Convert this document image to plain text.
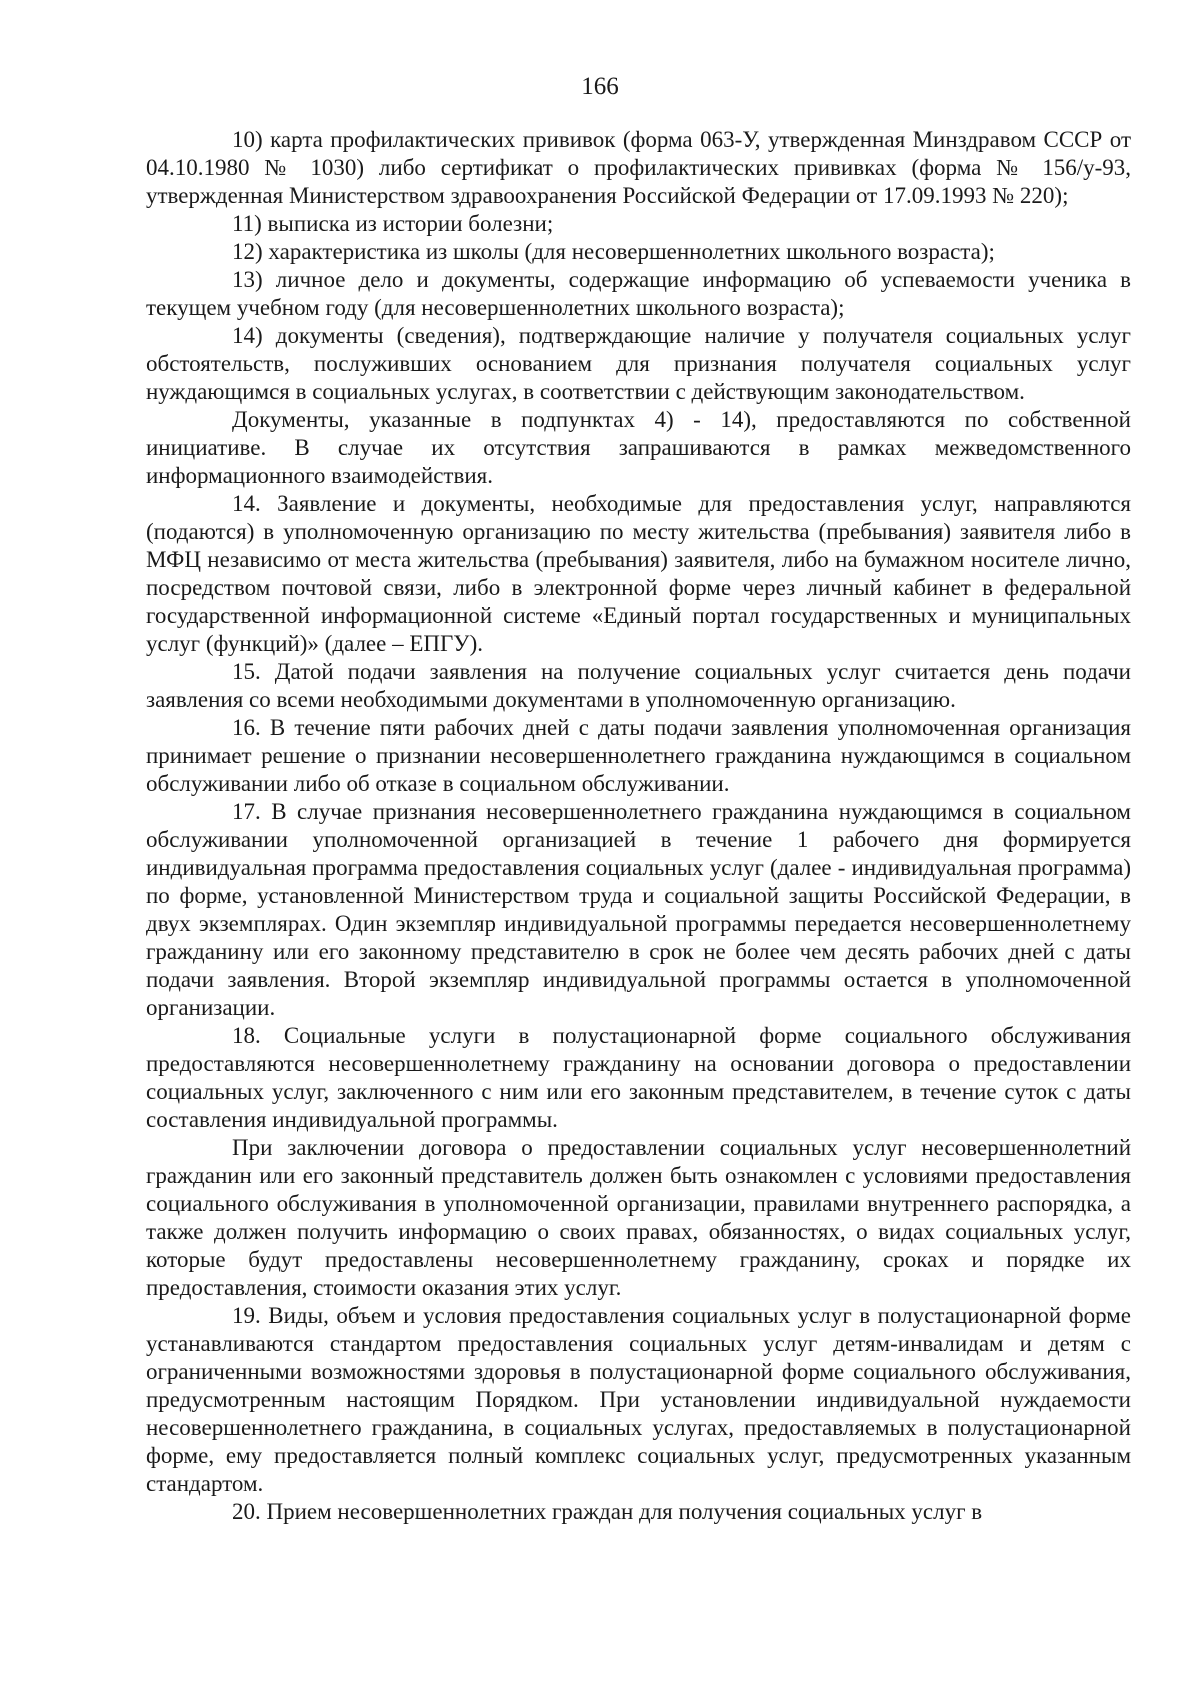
166

10) карта профилактических прививок (форма 063-У, утвержденная Минздравом СССР от 04.10.1980 № 1030) либо сертификат о профилактических прививках (форма № 156/у-93, утвержденная Министерством здравоохранения Российской Федерации от 17.09.1993 № 220);

11) выписка из истории болезни;

12) характеристика из школы (для несовершеннолетних школьного возраста);

13) личное дело и документы, содержащие информацию об успеваемости ученика в текущем учебном году (для несовершеннолетних школьного возраста);

14) документы (сведения), подтверждающие наличие у получателя социальных услуг обстоятельств, послуживших основанием для признания получателя социальных услуг нуждающимся в социальных услугах, в соответствии с действующим законодательством.

Документы, указанные в подпунктах 4) - 14), предоставляются по собственной инициативе. В случае их отсутствия запрашиваются в рамках межведомственного информационного взаимодействия.

14. Заявление и документы, необходимые для предоставления услуг, направляются (подаются) в уполномоченную организацию по месту жительства (пребывания) заявителя либо в МФЦ независимо от места жительства (пребывания) заявителя, либо на бумажном носителе лично, посредством почтовой связи, либо в электронной форме через личный кабинет в федеральной государственной информационной системе «Единый портал государственных и муниципальных услуг (функций)» (далее – ЕПГУ).

15. Датой подачи заявления на получение социальных услуг считается день подачи заявления со всеми необходимыми документами в уполномоченную организацию.

16. В течение пяти рабочих дней с даты подачи заявления уполномоченная организация принимает решение о признании несовершеннолетнего гражданина нуждающимся в социальном обслуживании либо об отказе в социальном обслуживании.

17. В случае признания несовершеннолетнего гражданина нуждающимся в социальном обслуживании уполномоченной организацией в течение 1 рабочего дня формируется индивидуальная программа предоставления социальных услуг (далее - индивидуальная программа) по форме, установленной Министерством труда и социальной защиты Российской Федерации, в двух экземплярах. Один экземпляр индивидуальной программы передается несовершеннолетнему гражданину или его законному представителю в срок не более чем десять рабочих дней с даты подачи заявления. Второй экземпляр индивидуальной программы остается в уполномоченной организации.

18. Социальные услуги в полустационарной форме социального обслуживания предоставляются несовершеннолетнему гражданину на основании договора о предоставлении социальных услуг, заключенного с ним или его законным представителем, в течение суток с даты составления индивидуальной программы.

При заключении договора о предоставлении социальных услуг несовершеннолетний гражданин или его законный представитель должен быть ознакомлен с условиями предоставления социального обслуживания в уполномоченной организации, правилами внутреннего распорядка, а также должен получить информацию о своих правах, обязанностях, о видах социальных услуг, которые будут предоставлены несовершеннолетнему гражданину, сроках и порядке их предоставления, стоимости оказания этих услуг.

19. Виды, объем и условия предоставления социальных услуг в полустационарной форме устанавливаются стандартом предоставления социальных услуг детям-инвалидам и детям с ограниченными возможностями здоровья в полустационарной форме социального обслуживания, предусмотренным настоящим Порядком. При установлении индивидуальной нуждаемости несовершеннолетнего гражданина, в социальных услугах, предоставляемых в полустационарной форме, ему предоставляется полный комплекс социальных услуг, предусмотренных указанным стандартом.

20. Прием несовершеннолетних граждан для получения социальных услуг в
